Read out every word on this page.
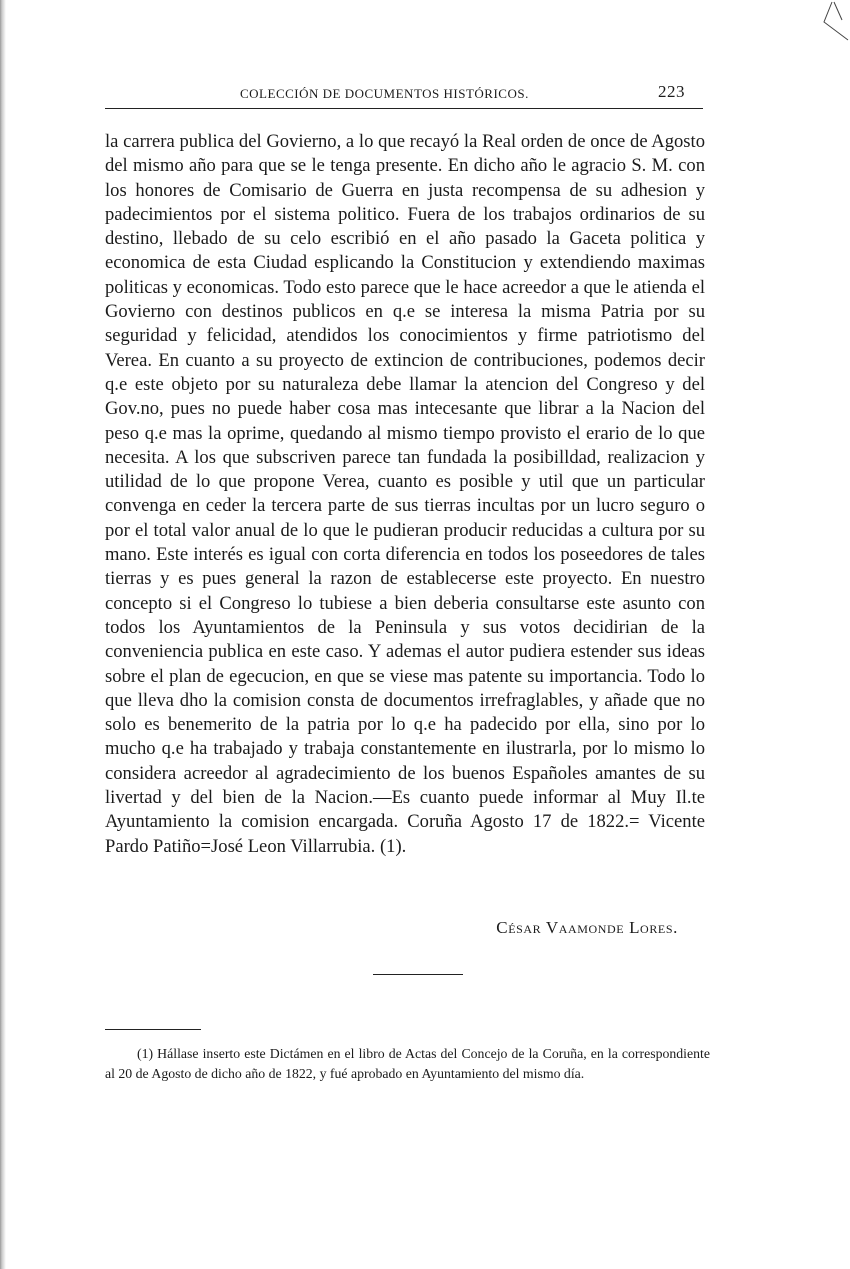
COLECCIÓN DE DOCUMENTOS HISTÓRICOS.	223

la carrera publica del Govierno, a lo que recayó la Real orden de once de Agosto del mismo año para que se le tenga presente. En dicho año le agracio S. M. con los honores de Comisario de Guerra en justa recompensa de su adhesion y padecimientos por el sistema politico. Fuera de los trabajos ordinarios de su destino, llebado de su celo escribió en el año pasado la Gaceta politica y economica de esta Ciudad esplicando la Constitucion y extendiendo maximas politicas y economicas. Todo esto parece que le hace acreedor a que le atienda el Govierno con destinos publicos en q.e se interesa la misma Patria por su seguridad y felicidad, atendidos los conocimientos y firme patriotismo del Verea. En cuanto a su proyecto de extincion de contribuciones, podemos decir q.e este objeto por su naturaleza debe llamar la atencion del Congreso y del Gov.no, pues no puede haber cosa mas intecesante que librar a la Nacion del peso q.e mas la oprime, quedando al mismo tiempo provisto el erario de lo que necesita. A los que subscriven parece tan fundada la posibilldad, realizacion y utilidad de lo que propone Verea, cuanto es posible y util que un particular convenga en ceder la tercera parte de sus tierras incultas por un lucro seguro o por el total valor anual de lo que le pudieran producir reducidas a cultura por su mano. Este interés es igual con corta diferencia en todos los poseedores de tales tierras y es pues general la razon de establecerse este proyecto. En nuestro concepto si el Congreso lo tubiese a bien deberia consultarse este asunto con todos los Ayuntamientos de la Peninsula y sus votos decidirian de la conveniencia publica en este caso. Y ademas el autor pudiera estender sus ideas sobre el plan de egecucion, en que se viese mas patente su importancia. Todo lo que lleva dho la comision consta de documentos irrefraglables, y añade que no solo es benemerito de la patria por lo q.e ha padecido por ella, sino por lo mucho q.e ha trabajado y trabaja constantemente en ilustrarla, por lo mismo lo considera acreedor al agradecimiento de los buenos Españoles amantes de su livertad y del bien de la Nacion.—Es cuanto puede informar al Muy Il.te Ayuntamiento la comision encargada. Coruña Agosto 17 de 1822.= Vicente Pardo Patiño=José Leon Villarrubia. (1).

César Vaamonde Lores.
(1) Hállase inserto este Dictámen en el libro de Actas del Concejo de la Coruña, en la correspondiente al 20 de Agosto de dicho año de 1822, y fué aprobado en Ayuntamiento del mismo día.
